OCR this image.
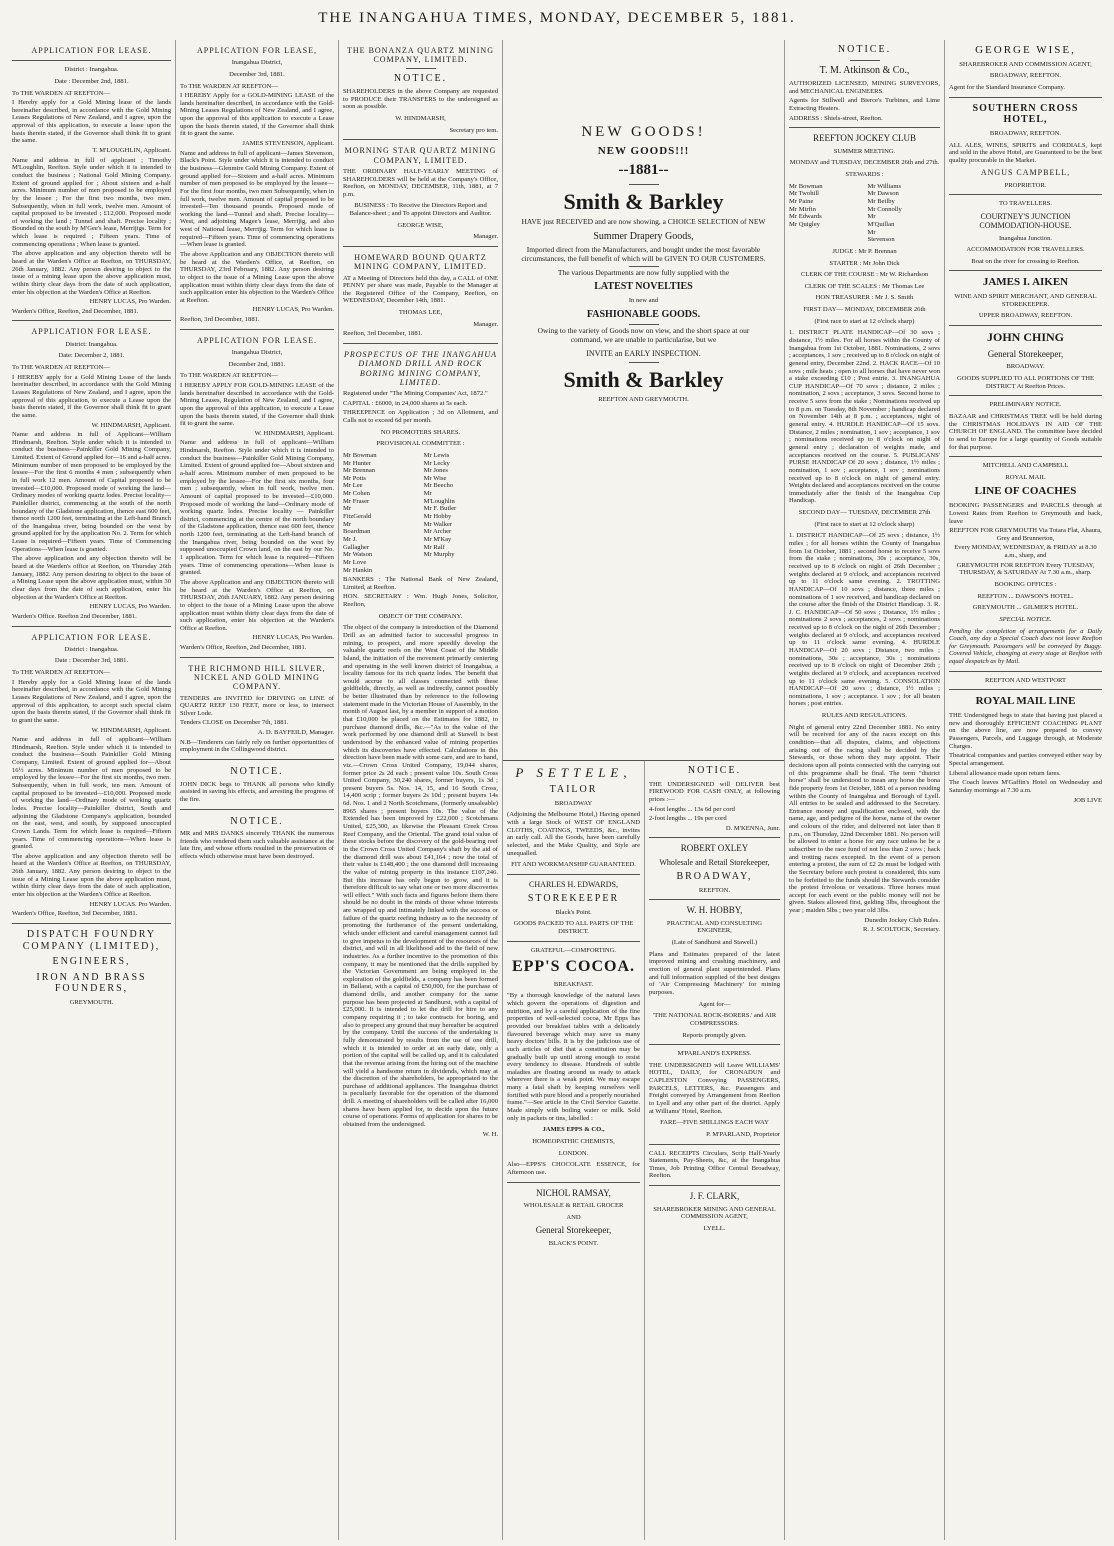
THE INANGAHUA TIMES, MONDAY, DECEMBER 5, 1881.
APPLICATION FOR LEASE.
District : Inangahua.
Date : December 2nd, 1881.

To THE WARDEN AT REEFTON—

I Hereby apply for a Gold Mining lease of the lands hereinafter described, in accordance with the Gold Mining Leases Regulations of New Zealand, and I agree, upon the approval of this application, to execute a lease upon the basis therein stated, if the Governor shall think fit to grant the same.

T. M'LOUGHLIN, Applicant.

Name and address in full of applicant ; Timothy M'Loughlin, Reefton. Style under which it is intended to conduct the business ; National Gold Mining Company. Extent of ground applied for ; About sixteen and a-half acres. Minimum number of men proposed to be employed by the lessee ; For the first two months, two men. Subsequently, when in full work, twelve men. Amount of capital proposed to be invested ; £12,000. Proposed mode of working the land ; Tunnel and shaft. Precise locality ; Bounded on the south by M'Gee's lease, Merrijigs. Term for which lease is required ; Fifteen years. Time of commencing operations ; When lease is granted.

The above application and any objection thereto will be heard at the Warden's Office at Reefton, on THURSDAY, 26th January, 1882. Any person desiring to object to the issue of a mining lease upon the above application must, within thirty clear days from the date of such application, enter his objection at the Warden's Office at Reefton.

HENRY LUCAS, Pro Warden.

Warden's Office, Reefton, 2nd December, 1881.

APPLICATION FOR LEASE.
District: Inangahua.
Date: December 2, 1881.

To THE WARDEN AT REEFTON—

I HEREBY apply for a Gold Mining Lease of the lands hereinafter described, in accordance with the Gold Mining Leases Regulations of New Zealand, and I agree, upon the approval of this application, to execute a Lease upon the basis therein stated, if the Governor shall think fit to grant the same.

W. HINDMARSH, Applicant.

Name and address in full of Applicant—William Hindmarsh, Reefton. Style under which it is intended to conduct the business—Painkiller Gold Mining Company, Limited. Extent of Ground applied for—16 and a-half acres. Minimum number of men proposed to be employed by the lessee—For the first 6 months 4 men ; subsequently when in full work 12 men. Amount of Capital proposed to be invested—£10,000. Proposed mode of working the land—Ordinary modes of working quartz lodes. Precise locality—Painkiller district, commencing at the south of the north boundary of the Gladstone application, thence east 600 feet, thence north 1200 feet, terminating at the Left-hand Branch of the Inangahua river, being bounded on the west by ground applied for by the application No. 2. Term for which Lease is required—Fifteen years. Time of Commencing Operations—When lease is granted.

The above application and any objection thereto will be heard at the Warden's office at Reefton, on Thursday 26th January, 1882. Any person desiring to object to the issue of a Mining Lease upon the above application must, within 30 clear days from the date of such application, enter his objection at the Warden's Office at Reefton.

HENRY LUCAS, Pro Warden.

Warden's Office. Reefton 2nd December, 1881.

APPLICATION FOR LEASE.
District : Inangahua.
Date : December 3rd, 1881.

To THE WARDEN AT REEFTON—

I Hereby apply for a Gold Mining lease of the lands hereinafter described, in accordance with the Gold Mining Leases Regulations of New Zealand, and I agree, upon the approval of this application, to accept such special claim upon the basis therein stated, if the Governor shall think fit to grant the same.

W. HINDMARSH, Applicant.

Name and address in full of applicant—William Hindmarsh, Reefton. Style under which it is intended to conduct the business—South Painkiller Gold Mining Company, Limited. Extent of ground applied for—About 16½ acres. Minimum number of men proposed to be employed by the lessee—For the first six months, two men. Subsequently, when in full work, ten men. Amount of capital proposed to be invested—£10,000. Proposed mode of working the land—Ordinary mode of working quartz lodes. Precise locality—Painkiller district, South and adjoining the Gladstone Company's application, bounded on the east, west, and south, by supposed unoccupied Crown Lands. Term for which lease is required—Fifteen years. Time of commencing operations—When lease is granted.

The above application and any objection thereto will be heard at the Warden's Office at Reefton, on THURSDAY, 26th January, 1882. Any person desiring to object to the issue of a Mining Lease upon the above application must, within thirty clear days from the date of such application, enter his objection at the Warden's Office at Reefton.

HENRY LUCAS. Pro Warden.

Warden's Office, Reefton, 3rd December, 1881.

DISPATCH FOUNDRY COMPANY (LIMITED),
ENGINEERS,
IRON AND BRASS FOUNDERS,
GREYMOUTH.
APPLICATION FOR LEASE,
Inangahua District,
December 3rd, 1881.

To THE WARDEN AT REEFTON—

I HEREBY Apply for a GOLD-MINING LEASE of the lands hereinafter described, in accordance with the Gold-Mining Leases Regulations of New Zealand, and I agree, upon the approval of this application to execute a Lease upon the basis therein stated, if the Governor shall think fit to grant the same.

JAMES STEVENSON, Applicant.

Name and address in full of applicant—James Stevenson, Black's Point. Style under which it is intended to conduct the business—Glenmire Gold Mining Company. Extent of ground applied for—Sixteen and a-half acres. Minimum number of men proposed to be employed by the lessee—For the first four months, two men Subsequently, when in full work, twelve men. Amount of capital proposed to be invested—Ten thousand pounds. Proposed mode of working the land—Tunnel and shaft. Precise locality—West, and adjoining Magee's lease, Merrijig, and also west of National lease, Merrijig. Term for which lease is required—Fifteen years. Time of commencing operations—When lease is granted.

The above Application and any OBJECTION thereto will be heard at the Warden's Office, at Reefton, on THURSDAY, 23rd February, 1882. Any person desiring to object to the issue of a Mining Lease upon the above application must within thirty clear days from the date of such application enter his objection to the Warden's Office at Reefton.

HENRY LUCAS, Pro Warden.

Reefton, 3rd December, 1881.

APPLICATION FOR LEASE.
Inangahua District,
December 2nd, 1881.

To THE WARDEN AT REEFTON—

I HEREBY APPLY FOR GOLD-MINING LEASE of the lands hereinafter described in accordance with the Gold-Mining Leases, Regulation of New Zealand, and I agree, upon the approval of this application, to execute a Lease upon the basis therein stated, if the Governor shall think fit to grant the same.

W. HINDMARSH, Applicant.

Name and address in full of applicant—William Hindmarsh, Reefton. Style under which it is intended to conduct the business—Painkiller Gold Mining Company, Limited. Extent of ground applied for—About sixteen and a-half acres. Minimum number of men proposed to be employed by the lessee—For the first six months, four men ; subsequently, when in full work, twelve men. Amount of capital proposed to be invested—£10,000. Proposed mode of working the land—Ordinary mode of working quartz lodes. Precise locality — Painkiller district, commencing at the centre of the north boundary of the Gladstone application, thence east 600 feet, thence north 1200 feet, terminating at the Left-hand branch of the Inangahua river, being bounded on the west by supposed unoccupied Crown land, on the east by our No. 1 application. Term for which lease is required—Fifteen years. Time of commencing operations—When lease is granted.

The above Application and any OBJECTION thereto will be heard at the Warden's Office at Reefton, on THURSDAY, 26th JANUARY, 1882. Any person desiring to object to the issue of a Mining Lease upon the above application must within thirty clear days from the date of such application, enter his objection at the Warden's Office at Reefton.

HENRY LUCAS, Pro Warden.

Warden's Office, Reefton, 2nd December, 1881.

THE RICHMOND HILL SILVER, NICKEL AND GOLD MINING COMPANY.

TENDERS are INVITED for DRIVING on LINE of QUARTZ REEF 130 FEET, more or less, to intersect Silver Lode.

Tenders CLOSE on December 7th, 1881.

A. D. BAYFEILD, Manager.

N.B—Tenderers can fairly rely on further opportunities of employment in the Collingwood district.

NOTICE.

JOHN DICK begs to THANK all persons who kindly assisted in saving his effects, and arresting the progress of the fire.

NOTICE.

MR and MRS DANKS sincerely THANK the numerous friends who rendered them such valuable assistance at the late fire, and whose efforts resulted in the preservation of effects which otherwise must have been destroyed.

THE BONANZA QUARTZ MINING COMPANY, LIMITED.
NOTICE.

SHAREHOLDERS in the above Company are requested to PRODUCE their TRANSFERS to the undersigned as soon as possible.

W. HINDMARSH,
Secretary pro tem.
MORNING STAR QUARTZ MINING COMPANY, LIMITED.

THE ORDINARY HALF-YEARLY MEETING of SHAREHOLDERS will be held at the Company's Office, Reefton, on MONDAY, DECEMBER, 11th, 1881, at 7 p.m.

BUSINESS : To Receive the Directors Report and Balance-sheet ; and To appoint Directors and Auditor.

GEORGE WISE,
Manager.
HOMEWARD BOUND QUARTZ MINING COMPANY, LIMITED.

AT a Meeting of Directors held this day, a CALL of ONE PENNY per share was made, Payable to the Manager at the Registered Office of the Company, Reefton, on WEDNESDAY, December 14th, 1881.

THOMAS LEE,
Manager.

Reefton, 3rd December, 1881.

PROSPECTUS OF THE INANGAHUA DIAMOND DRILL AND ROCK BORING MINING COMPANY, LIMITED.

Registered under "The Mining Companies' Act, 1872."

CAPITAL : £6000, in 24,000 shares at 5s each.

THREEPENCE on Application ; 3d on Allotment, and Calls not to exceed 6d per month.

NO PROMOTERS SHARES.
PROVISIONAL COMMITTEE :
Mr Bowman
Mr Hunter
Mr Brennan
Mr Potts
Mr Lee
Mr Cohen
Mr Fraser
Mr FitzGerald
Mr Boardman
Mr J. Gallagher
Mr Watson
Mr Love
Mr Hankin
Mr Lewis
Mr Lecky
Mr Jones
Mr Wise
Mr Beecho
Mr M'Loughlin
Mr F. Butler
Mr Hobby
Mr Walker
Mr Archer
Mr M'Kay
Mr Ralf
Mr Murphy

BANKERS : The National Bank of New Zealand, Limited, at Reefton.

HON. SECRETARY : Wm. Hugh Jones, Solicitor, Reefton,

OBJECT OF THE COMPANY.

The object of the company is introduction of the Diamond Drill as an admitted factor to successful progress in mining, to prospect, and more speedily develop the valuable quartz reefs on the West Coast of the Middle Island, the initiation of the movement primarily centering and operating in the well known district of Inangahua, a locality famous for its rich quartz lodes. The benefit that would accrue to all classes connected with these goldfields, directly, as well as indirectly, cannot possibly be better illustrated than by reference to the following statement made in the Victorian House of Assembly, in the month of August last, by a member in support of a motion that £10,000 be placed on the Estimates for 1882, to purchase diamond drills, &c.—"As to the value of the work performed by one diamond drill at Stawell is best understood by the enhanced value of mining properties which its discoveries have effected. Calculations in this direction have been made with some care, and are to hand, viz.—Crown Cross United Company, 19,044 shares, former price 2s 2d each ; present value 10s. South Cross United Company, 30,240 shares, former buyers, 1s 3d ; present buyers 5s. Nos. 14, 15, and 16 South Cross, 14,400 scrip ; former buyers 2s 10d ; present buyers 14s 6d. Nos. 1 and 2 North Scotchmans, (formerly unsaleable) 8965 shares ; present buyers 10s. The value of the Extended has been improved by £22,000 ; Scotchmans United, £25,300, as likewise the Pleasant Creek Cross Reef Company, and the Oriental. The grand total value of these stocks before the discovery of the gold-bearing reef in the Crown Cross United Company's shaft by the aid of the diamond drill was about £41,164 ; now the total of their value is £148,400 ; the one diamond drill increasing the value of mining property in this instance £107,246. But this increase has only begun to grow, and it is therefore difficult to say what one or two more discoveries will effect." With such facts and figures before them there should be no doubt in the minds of those whose interests are wrapped up and intimately linked with the success or failure of the quartz reefing industry as to the necessity of promoting the furtherance of the present undertaking, which under efficient and careful management cannot fail to give impetus to the development of the resources of the district, and will in all likelihood add to the field of new industries. As a further incentive to the promotion of this company, it may be mentioned that the drills supplied by the Victorian Government are being employed in the exploration of the goldfields, a company has been formed in Ballarat, with a capital of £50,000, for the purchase of diamond drills, and another company for the same purpose has been projected at Sandhurst, with a capital of £25,000. It is intended to let the drill for hire to any company requiring it ; to take contracts for boring, and also to prospect any ground that may hereafter be acquired by the company. Until the success of the undertaking is fully demonstrated by results from the use of one drill, which it is intended to order at an early date, only a portion of the capital will be called up, and it is calculated that the revenue arising from the hiring out of the machine will yield a handsome return in dividends, which may at the discretion of the shareholders, be appropriated to the purchase of additional appliances. The Inangahua district is peculiarly favorable for the operation of the diamond drill. A meeting of shareholders will be called after 16,000 shares have been applied for, to decide upon the future course of operations. Forms of application for shares to be obtained from the undersigned.

W. H.
NEW GOODS!
NEW GOODS!!!
--1881--
Smith & Barkley

HAVE just RECEIVED and are now showing, a CHOICE SELECTION of NEW

Summer Drapery Goods,

Imported direct from the Manufacturers, and bought under the most favorable circumstances, the full benefit of which will be GIVEN TO OUR CUSTOMERS.

The various Departments are now fully supplied with the

LATEST NOVELTIES
In new and
FASHIONABLE GOODS.

Owing to the variety of Goods now on view, and the short space at our command, we are unable to particularise, but we

INVITE an EARLY INSPECTION.
Smith & Barkley
REEFTON AND GREYMOUTH.
P SETTELE,
TAILOR
BROADWAY

(Adjoining the Melbourne Hotel,) Having opened with a large Stock of WEST OF ENGLAND CLOTHS, COATINGS, TWEEDS, &c., invites an early call. All the Goods, have been carefully selected, and the Make Quality, and Style are unequalled.

FIT AND WORKMANSHIP GUARANTEED.
CHARLES H. EDWARDS,
STOREKEEPER
Black's Point.
GOODS PACKED TO ALL PARTS OF THE DISTRICT.
GRATEFUL—COMFORTING.
EPP'S COCOA.
BREAKFAST.

"By a thorough knowledge of the natural laws which govern the operations of digestion and nutrition, and by a careful application of the fine properties of well-selected cocoa, Mr Epps has provided our breakfast tables with a delicately flavoured beverage which may save us many heavy doctors' bills. It is by the judicious use of such articles of diet that a constitution may be gradually built up until strong enough to resist every tendency to disease. Hundreds of subtle maladies are floating around us ready to attack wherever there is a weak point. We may escape many a fatal shaft by keeping ourselves well fortified with pure blood and a properly nourished frame."—See article in the Civil Service Gazette. Made simply with boiling water or milk. Sold only in packets or tins, labelled :

JAMES EPPS & CO.,
HOMEOPATHIC CHEMISTS,
LONDON.

Also—EPPS'S CHOCOLATE ESSENCE, for Afternoon use.

NICHOL RAMSAY,
WHOLESALE & RETAIL GROCER
AND
General Storekeeper,
BLACK'S POINT.
NOTICE.

THE UNDERSIGNED will DELIVER best FIREWOOD FOR CASH ONLY, at following prices :—

4-foot lengths ... 13s 6d per cord

2-foot lengths ... 19s per cord

D. M'KENNA, Junr.
ROBERT OXLEY
Wholesale and Retail Storekeeper,
BROADWAY,
REEFTON.
W. H. HOBBY,
PRACTICAL AND CONSULTING ENGINEER,
(Late of Sandhurst and Stawell.)

Plans and Estimates prepared of the latest improved mining and crushing machinery, and erection of general plant superintended. Plans and full information supplied of the best designs of 'Air Compressing Machinery' for mining purposes.

Agent for—
'THE NATIONAL ROCK-BORERS.' and AIR COMPRESSORS.
Reports promptly given.
M'PARLAND'S EXPRESS.

THE UNDERSIGNED will Leave WILLIAMS' HOTEL, DAILY, for CRONADUN and CAPLESTON Conveying PASSENGERS, PARCELS, LETTERS, &c. Passengers and Freight conveyed by Arrangement from Reefton to Lyell and any other part of the district. Apply at Williams' Hotel, Reefton.

FARE—FIVE SHILLINGS EACH WAY
P. M'PARLAND, Proprietor

CALL RECEIPTS Circulars, Scrip Half-Yearly Statements, Pay-Sheets, &c, at the Inangahua Times, Job Printing Office Central Broadway, Reefton.

J. F. CLARK,
SHAREBROKER MINING AND GENERAL COMMISSION AGENT,
LYELL.
NOTICE.
T. M. Atkinson & Co.,

AUTHORIZED LICENSED, MINING SURVEYORS, and MECHANICAL ENGINEERS.

Agents for Stillwell and Bierce's Turbines, and Lime Extracting Heaters.

ADDRESS : Shiels-street, Reefton.

REEFTON JOCKEY CLUB
SUMMER MEETING.
MONDAY and TUESDAY, DECEMBER 26th and 27th.
STEWARDS :
Mr Bowman
Mr Twohill
Mr Paine
Mr Mirfin
Mr Edwards
Mr Quigley
Mr Williams
Mr Dawson
Mr Beilby
Mr Connolly
Mr M'Quillan
Mr Stevenson
JUDGE : Mr P. Brennan
STARTER : Mr John Dick
CLERK OF THE COURSE : Mr W. Richardson
CLERK OF THE SCALES : Mr Thomas Lee
HON TREASURER : Mr J. S. Smith
FIRST DAY— MONDAY, DECEMBER 26th
(First race to start at 12 o'clock sharp)

1. DISTRICT PLATE HANDICAP—Of 30 sovs ; distance, 1½ miles. For all horses within the County of Inangahua from 1st October, 1881. Nominations, 2 sovs ; acceptances, 1 sov ; received up to 8 o'clock on night of general entry, December 22nd. 2. HACK RACE—Of 10 sovs ; mile heats ; open to all horses that have never won a stake exceeding £10 ; Post entrie. 3. INANGAHUA CUP HANDICAP—Of 70 sovs ; distance, 2 miles ; nomination, 2 sovs ; acceptance, 3 sovs. Second horse to receive 5 sovs from the stake ; Nominations received up to 8 p.m. on Tuesday, 8th November ; handicap declared on November 14th at 8 p.m. ; acceptances, night of general entry. 4. HURDLE HANDICAP—Of 15 sovs. Distance, 2 miles ; nomination, 1 sov ; acceptance, 1 sov ; nominations received up to 8 o'clock on night of general entry ; declaration of weights made, and acceptances received on the course. 5. PUBLICANS' PURSE HANDICAP Of 20 sovs ; distance, 1½ miles ; nomination, 1 sov ; acceptance, 1 sov ; nominations received up to 8 o'clock on night of general entry. Weights declared and acceptances received on the course immediately after the finish of the Inangahua Cup Handicap.

SECOND DAY— TUESDAY, DECEMBER 27th
(First race to start at 12 o'clock sharp)

1. DISTRICT HANDICAP—Of 25 sovs ; distance, 1½ miles ; for all horses within the County of Inangahua from 1st October, 1881 ; second horse to receive 5 sovs from the stake ; nominations, 30s ; acceptance, 30s, received up to 8 o'clock on night of 26th December ; weights declared at 9 o'clock, and acceptances received up to 11 o'clock same evening. 2. TROTTING HANDICAP—Of 10 sovs ; distance, three miles ; nominations of 1 sov received, and handicap declared on the course after the finish of the District Handicap. 3. R. J. C. HANDICAP—Of 50 sovs ; Distance, 1½ miles ; nominations 2 sovs ; acceptances, 2 sovs ; nominations received up to 8 o'clock on the night of 26th December ; weights declared at 9 o'clock, and acceptances received up to 11 o'clock same evening. 4. HURDLE HANDICAP—Of 20 sovs ; Distance, two miles ; nominations, 30s ; acceptance, 30s ; nominations received up to 8 o'clock on night of December 26th ; weights declared at 9 o'clock, and acceptances received up to 11 o'clock same evening. 5. CONSOLATION HANDICAP—Of 20 sovs ; distance, 1½ miles ; nominations, 1 sov ; acceptance. 1 sov ; for all beaten horses ; post entries.

RULES AND REGULATIONS.

Night of general entry 22nd December 1881. No entry will be received for any of the races except on this condition—that all disputes, claims, and objections arising out of the racing shall be decided by the Stewards, or those whom they may appoint. Their decisions upon all points connected with the carrying out of this programme shall be final. The term "district horse" shall be understood to mean any horse the bona fide property from 1st October, 1881 of a person residing within the County of Inangahua and Borough of Lyell. All entries to be sealed and addressed to the Secretary. Entrance money and qualification enclosed, with the name, age, and pedigree of the horse, name of the owner and colours of the rider, and delivered not later than 8 p.m., on Thursday, 22nd December 1881. No person will be allowed to enter a horse for any race unless he be a subscriber to the race fund of not less than 2 sovs ; hack and trotting races excepted. In the event of a person entering a protest, the sum of £2 2s must be lodged with the Secretary before such protest is considered, this sum to be forfeited to the funds should the Stewards consider the protest frivolous or vexatious. Three horses must accept for each event or the public money will not be given. Stakes allowed first, gelding 3lbs, throughout the year ; maiden 5lbs ; two year old 3lbs.

Dunedin Jockey Club Rules.
R. J. SCOLTOCK, Secretary.
GEORGE WISE,
SHAREBROKER AND COMMISSION AGENT,
BROADWAY, REEFTON.

Agent for the Standard Insurance Company.

SOUTHERN CROSS HOTEL,
BROADWAY, REEFTON.

ALL ALES, WINES, SPIRITS and CORDIALS, kept and sold in the above Hotel, are Guaranteed to be the best quality procurable in the Market.

ANGUS CAMPBELL,
PROPRIETOR.
TO TRAVELLERS.
COURTNEY'S JUNCTION COMMODATION-HOUSE.
Inangahua Junction.
ACCOMMODATION FOR TRAVELLERS.
Boat on the river for crossing to Reefton.
JAMES I. AIKEN

WINE AND SPIRIT MERCHANT, AND GENERAL STOREKEEPER.

UPPER BROADWAY, REEFTON.
JOHN CHING
General Storekeeper,
BROADWAY.

GOODS SUPPLIED TO ALL PORTIONS OF THE DISTRICT At Reefton Prices.

PRELIMINARY NOTICE.

BAZAAR and CHRISTMAS TREE will be held during the CHRISTMAS HOLIDAYS IN AID OF THE CHURCH OF ENGLAND. The committee have decided to send to Europe for a large quantity of Goods suitable for that purpose.

MITCHELL AND CAMPBELL
ROYAL MAIL
LINE OF COACHES

BOOKING PASSENGERS and PARCELS through at Lowest Rates from Reefton to Greymouth and back, leave

REEFTON FOR GREYMOUTH Via Totara Flat, Ahaura, Grey and Brunnerton,

Every MONDAY, WEDNESDAY, & FRIDAY at 8.30 a.m., sharp, and

GREYMOUTH FOR REEFTON Every TUESDAY, THURSDAY, & SATURDAY At 7.30 a.m., sharp.

BOOKING OFFICES :
REEFTON ... DAWSON'S HOTEL.
GREYMOUTH ... GILMER'S HOTEL.
SPECIAL NOTICE.

Pending the completion of arrangements for a Daily Coach, any day a Special Coach does not leave Reefton for Greymouth. Passengers will be conveyed by Buggy. Covered Vehicle, changing at every stage at Reefton with equal despatch as by Mail.

REEFTON AND WESTPORT
ROYAL MAIL LINE

THE Undersigned begs to state that having just placed a new and thoroughly EFFICIENT COACHING PLANT on the above line, are now prepared to convey Passengers, Parcels, and Luggage through, at Moderate Charges.

Theatrical companies and parties conveyed either way by Special arrangement.

Liberal allowance made upon return fares.

The Coach leaves M'Gaffin's Hotel on Wednesday and Saturday mornings at 7.30 a.m.

JOB LIVE
